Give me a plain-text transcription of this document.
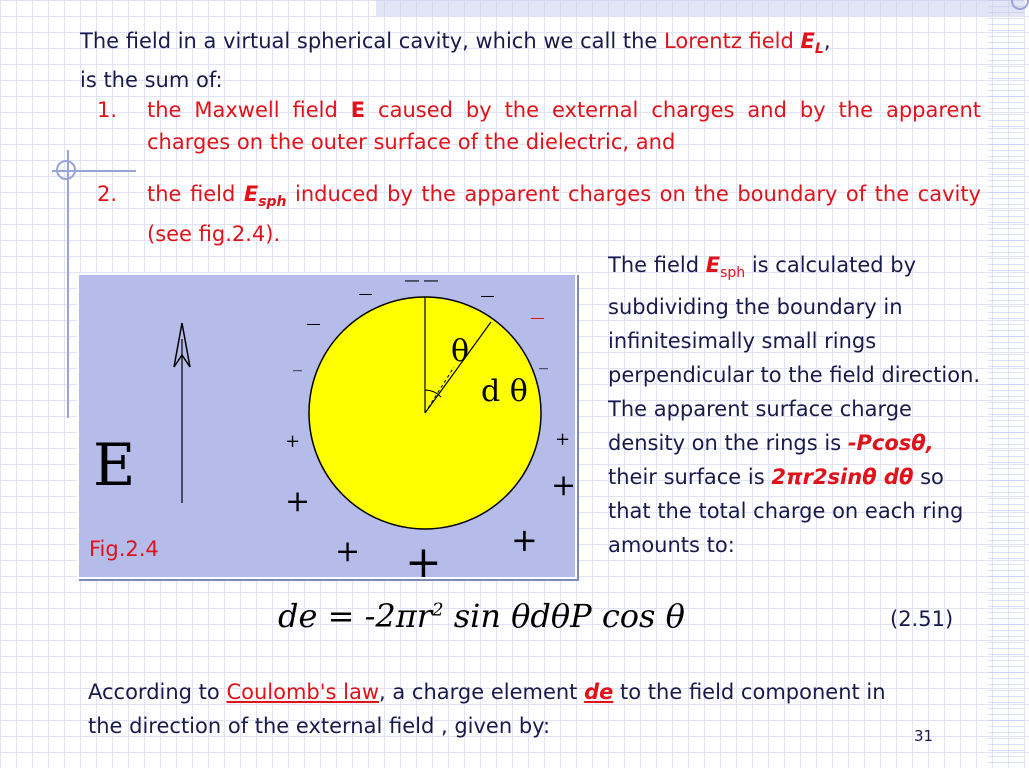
The field in a virtual spherical cavity, which we call the Lorentz field $E_L$,
is the sum of:
1. the Maxwell field E caused by the external charges and by the apparent charges on the outer surface of the dielectric, and
2. the field $E_{sph}$ induced by the apparent charges on the boundary of the cavity (see fig.2.4).
The field $E_{sph}$ is calculated by subdividing the boundary in infinitesimally small rings perpendicular to the field direction. The apparent surface charge density on the rings is -Pcosθ, their surface is 2πr2sinθ dθ so that the total charge on each ring amounts to:
θ
d θ
E
_ _
_	_
_	_
_	_
+	+
+	+
+ + +
Fig.2.4
de = $-2\pi r^2$ sin θdθP cos θ	(2.51)
According to Coulomb's law, a charge element de to the field component in the direction of the external field , given by:	31
